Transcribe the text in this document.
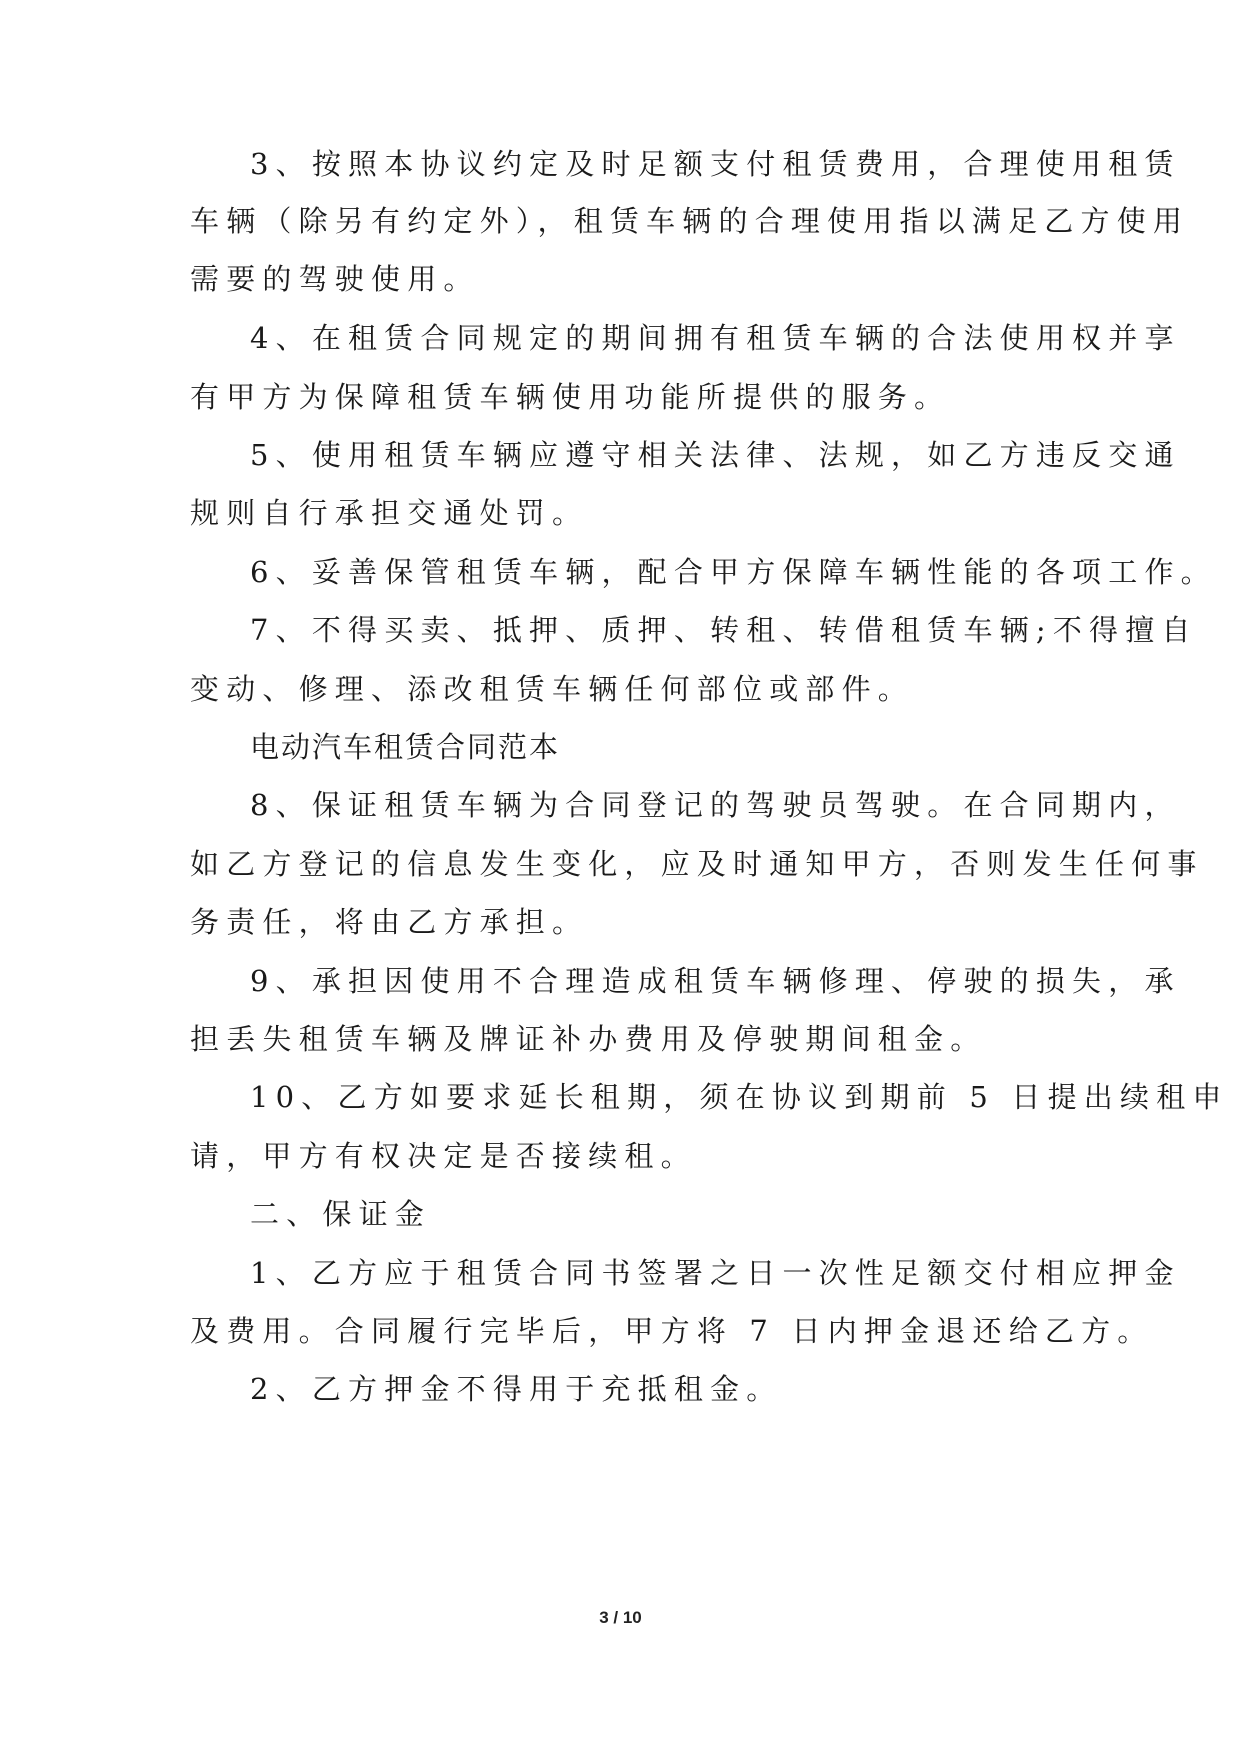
3、按照本协议约定及时足额支付租赁费用，合理使用租赁
车辆（除另有约定外），租赁车辆的合理使用指以满足乙方使用
需要的驾驶使用。
4、在租赁合同规定的期间拥有租赁车辆的合法使用权并享
有甲方为保障租赁车辆使用功能所提供的服务。
5、使用租赁车辆应遵守相关法律、法规，如乙方违反交通
规则自行承担交通处罚。
6、妥善保管租赁车辆，配合甲方保障车辆性能的各项工作。
7、不得买卖、抵押、质押、转租、转借租赁车辆;不得擅自
变动、修理、添改租赁车辆任何部位或部件。
电动汽车租赁合同范本
8、保证租赁车辆为合同登记的驾驶员驾驶。在合同期内，
如乙方登记的信息发生变化，应及时通知甲方，否则发生任何事
务责任，将由乙方承担。
9、承担因使用不合理造成租赁车辆修理、停驶的损失，承
担丢失租赁车辆及牌证补办费用及停驶期间租金。
10、乙方如要求延长租期，须在协议到期前 5 日提出续租申
请，甲方有权决定是否接续租。
二、保证金
1、乙方应于租赁合同书签署之日一次性足额交付相应押金
及费用。合同履行完毕后，甲方将 7 日内押金退还给乙方。
2、乙方押金不得用于充抵租金。
3 / 10
